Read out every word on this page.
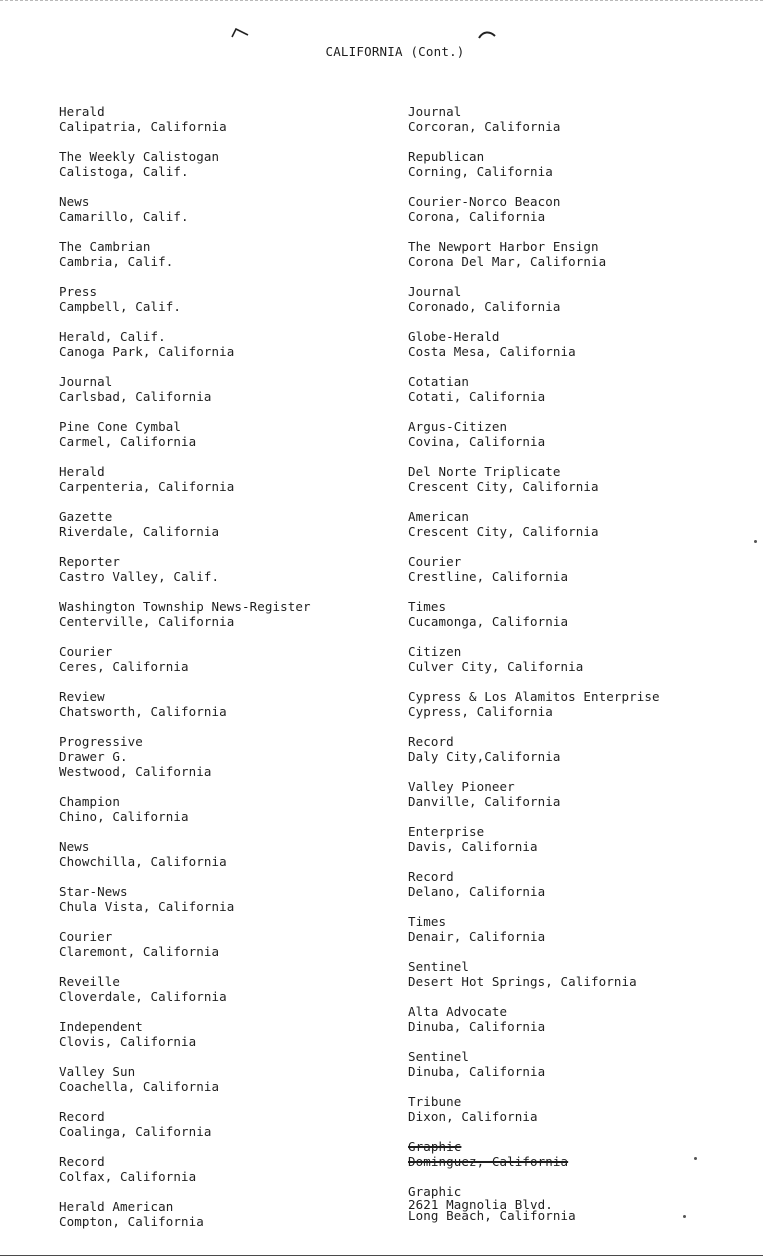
CALIFORNIA (Cont.)
Herald
Calipatria, California
The Weekly Calistogan
Calistoga, Calif.
News
Camarillo, Calif.
The Cambrian
Cambria, Calif.
Press
Campbell, Calif.
Herald, Calif.
Canoga Park, California
Journal
Carlsbad, California
Pine Cone Cymbal
Carmel, California
Herald
Carpenteria, California
Gazette
Riverdale, California
Reporter
Castro Valley, Calif.
Washington Township News-Register
Centerville, California
Courier
Ceres, California
Review
Chatsworth, California
Progressive
Drawer G.
Westwood, California
Champion
Chino, California
News
Chowchilla, California
Star-News
Chula Vista, California
Courier
Claremont, California
Reveille
Cloverdale, California
Independent
Clovis, California
Valley Sun
Coachella, California
Record
Coalinga, California
Record
Colfax, California
Herald American
Compton, California
Journal
Corcoran, California
Republican
Corning, California
Courier-Norco Beacon
Corona, California
The Newport Harbor Ensign
Corona Del Mar, California
Journal
Coronado, California
Globe-Herald
Costa Mesa, California
Cotatian
Cotati, California
Argus-Citizen
Covina, California
Del Norte Triplicate
Crescent City, California
American
Crescent City, California
Courier
Crestline, California
Times
Cucamonga, California
Citizen
Culver City, California
Cypress & Los Alamitos Enterprise
Cypress, California
Record
Daly City,California
Valley Pioneer
Danville, California
Enterprise
Davis, California
Record
Delano, California
Times
Denair, California
Sentinel
Desert Hot Springs, California
Alta Advocate
Dinuba, California
Sentinel
Dinuba, California
Tribune
Dixon, California
Graphic
Dominguez, California
Graphic
2621 Magnolia Blvd.
Long Beach, California
